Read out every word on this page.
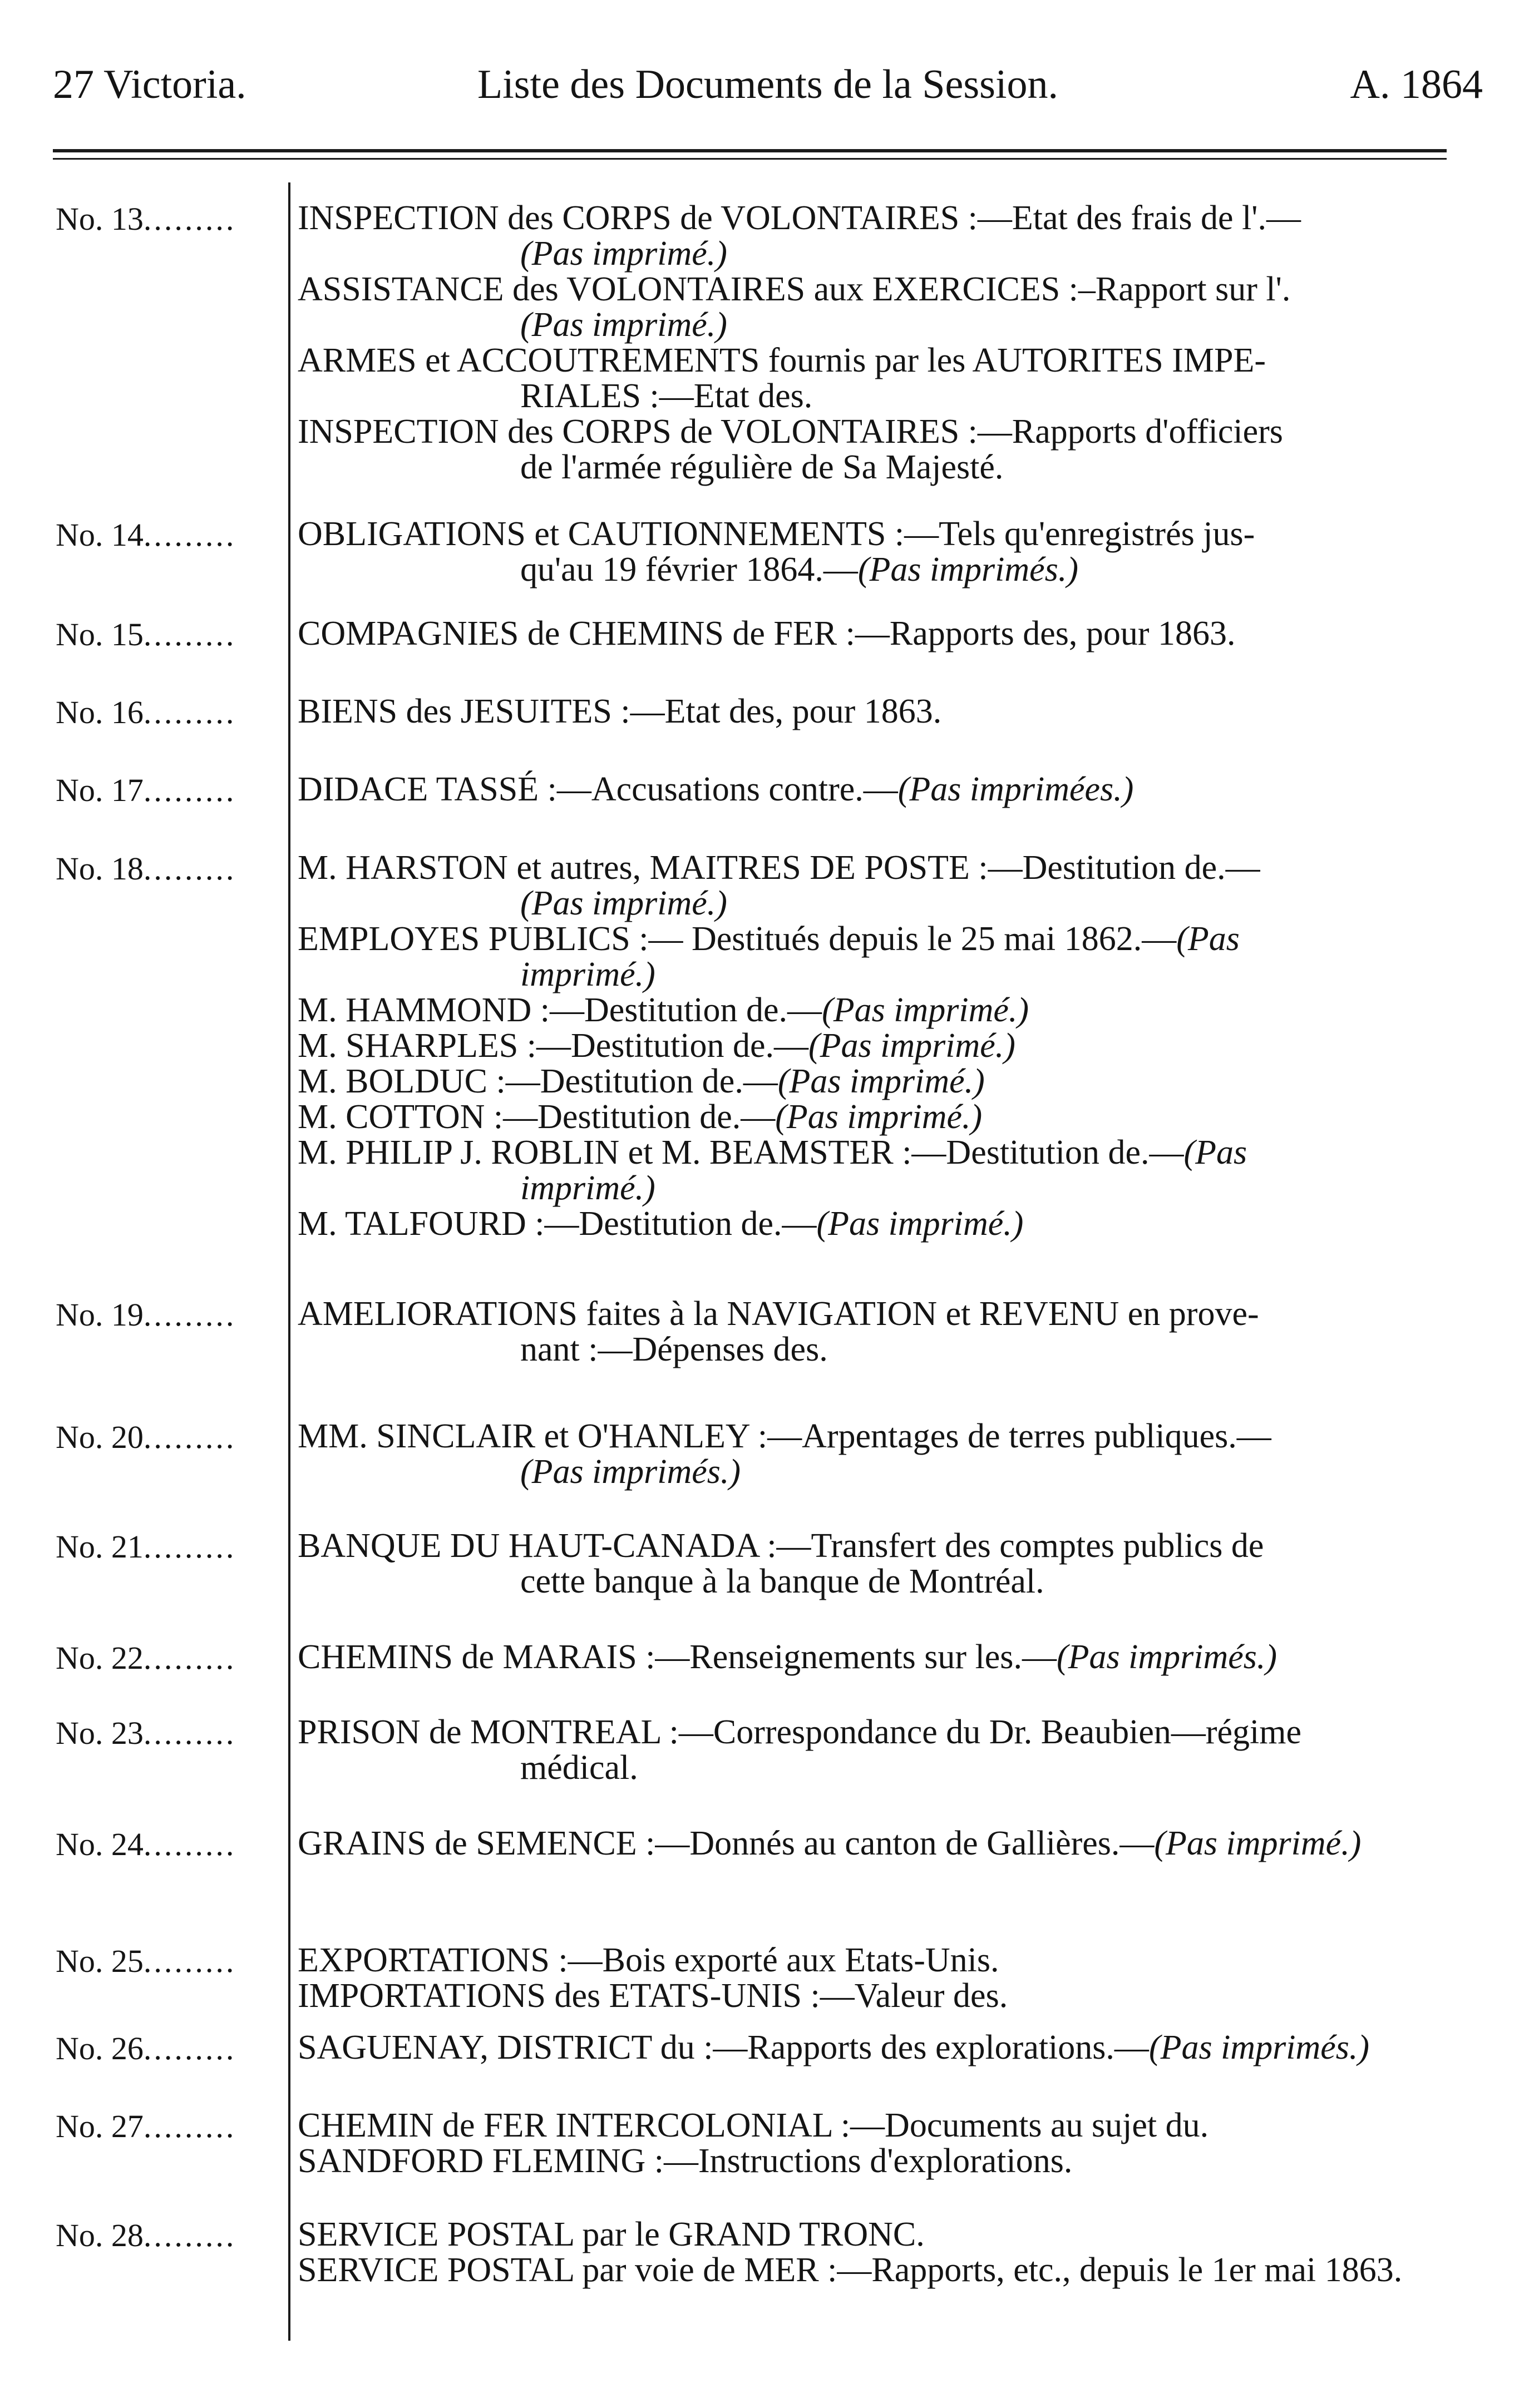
27 Victoria.	Liste des Documents de la Session.	A. 1864
No. 13......... INSPECTION des CORPS de VOLONTAIRES :—Etat des frais de l'.—
(Pas imprimé.)
ASSISTANCE des VOLONTAIRES aux EXERCICES :–Rapport sur l'.
(Pas imprimé.)
ARMES et ACCOUTREMENTS fournis par les AUTORITES IMPE-
RIALES :—Etat des.
INSPECTION des CORPS de VOLONTAIRES :—Rapports d'officiers
de l'armée régulière de Sa Majesté.
No. 14......... OBLIGATIONS et CAUTIONNEMENTS :—Tels qu'enregistrés jus-
qu'au 19 février 1864.—(Pas imprimés.)
No. 15......... COMPAGNIES de CHEMINS de FER :—Rapports des, pour 1863.
No. 16......... BIENS des JESUITES :—Etat des, pour 1863.
No. 17......... DIDACE TASSÉ :—Accusations contre.—(Pas imprimées.)
No. 18......... M. HARSTON et autres, MAITRES DE POSTE :—Destitution de.—
(Pas imprimé.)
EMPLOYES PUBLICS :— Destitués depuis le 25 mai 1862.—(Pas
imprimé.)
M. HAMMOND :—Destitution de.—(Pas imprimé.)
M. SHARPLES :—Destitution de.—(Pas imprimé.)
M. BOLDUC :—Destitution de.—(Pas imprimé.)
M. COTTON :—Destitution de.—(Pas imprimé.)
M. PHILIP J. ROBLIN et M. BEAMSTER :—Destitution de.—(Pas
imprimé.)
M. TALFOURD :—Destitution de.—(Pas imprimé.)
No. 19......... AMELIORATIONS faites à la NAVIGATION et REVENU en prove-
nant :—Dépenses des.
No. 20......... MM. SINCLAIR et O'HANLEY :—Arpentages de terres publiques.—
(Pas imprimés.)
No. 21......... BANQUE DU HAUT-CANADA :—Transfert des comptes publics de
cette banque à la banque de Montréal.
No. 22......... CHEMINS de MARAIS :—Renseignements sur les.—(Pas imprimés.)
No. 23......... PRISON de MONTREAL :—Correspondance du Dr. Beaubien—régime
médical.
No. 24......... GRAINS de SEMENCE :—Donnés au canton de Gallières.—(Pas imprimé.)
No. 25......... EXPORTATIONS :—Bois exporté aux Etats-Unis.
IMPORTATIONS des ETATS-UNIS :—Valeur des.
No. 26......... SAGUENAY, DISTRICT du :—Rapports des explorations.—(Pas imprimés.)
No. 27......... CHEMIN de FER INTERCOLONIAL :—Documents au sujet du.
SANDFORD FLEMING :—Instructions d'explorations.
No. 28......... SERVICE POSTAL par le GRAND TRONC.
SERVICE POSTAL par voie de MER :—Rapports, etc., depuis le 1er mai 1863.
